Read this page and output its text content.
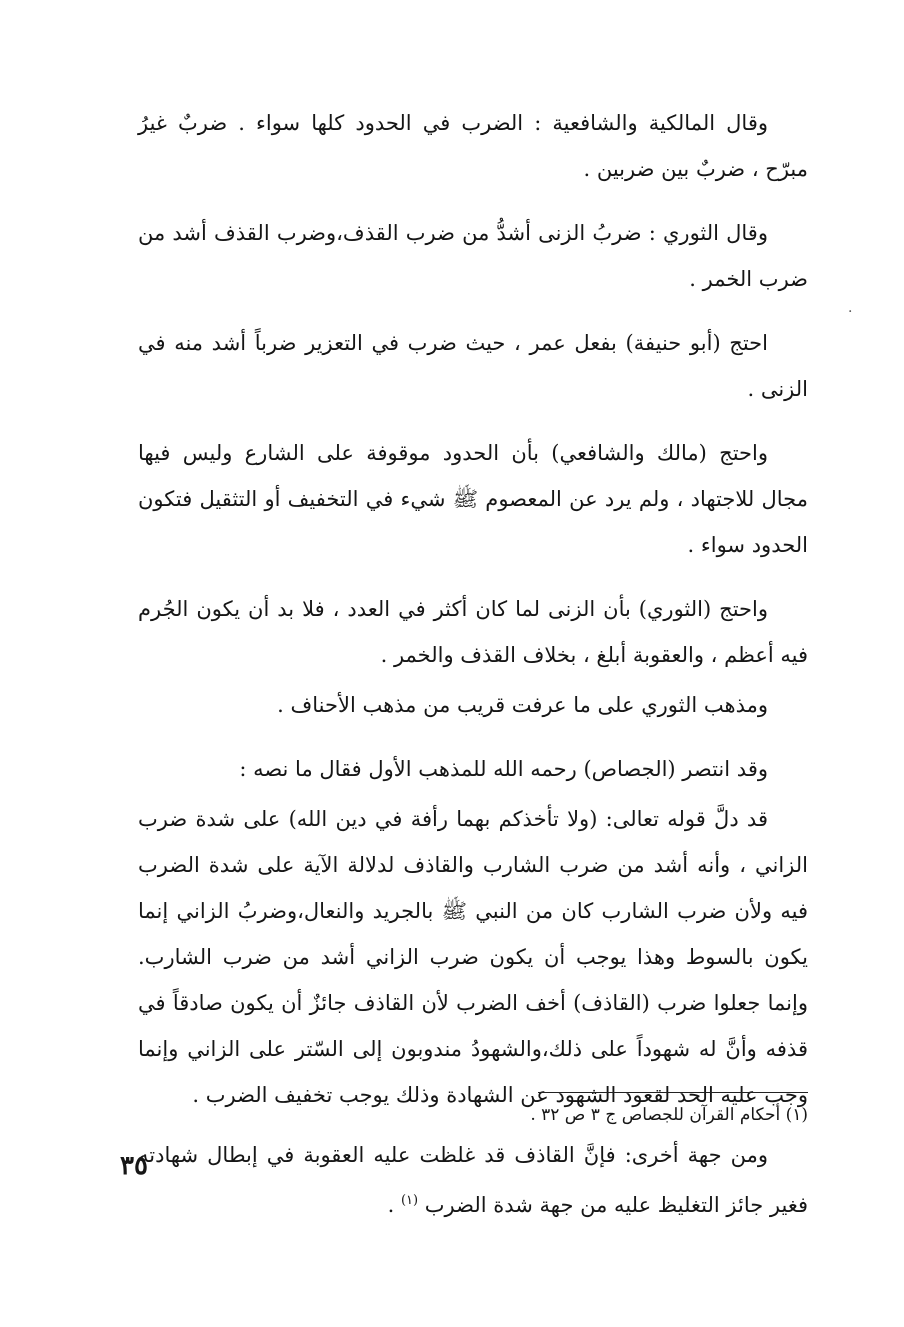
وقال المالكية والشافعية : الضرب في الحدود كلها سواء . ضربٌ غيرُ مبرّح ، ضربٌ بين ضربين .

وقال الثوري : ضربُ الزنى أشدُّ من ضرب القذف،وضرب القذف أشد من ضرب الخمر .

احتج (أبو حنيفة) بفعل عمر ، حيث ضرب في التعزير ضرباً أشد منه في الزنى .

واحتج (مالك والشافعي) بأن الحدود موقوفة على الشارع وليس فيها مجال للاجتهاد ، ولم يرد عن المعصوم ﷺ شيء في التخفيف أو التثقيل فتكون الحدود سواء .

واحتج (الثوري) بأن الزنى لما كان أكثر في العدد ، فلا بد أن يكون الجُرم فيه أعظم ، والعقوبة أبلغ ، بخلاف القذف والخمر .

ومذهب الثوري على ما عرفت قريب من مذهب الأحناف .

وقد انتصر (الجصاص) رحمه الله للمذهب الأول فقال ما نصه :

قد دلَّ قوله تعالى: (ولا تأخذكم بهما رأفة في دين الله) على شدة ضرب الزاني ، وأنه أشد من ضرب الشارب والقاذف لدلالة الآية على شدة الضرب فيه ولأن ضرب الشارب كان من النبي ﷺ بالجريد والنعال،وضربُ الزاني إنما يكون بالسوط وهذا يوجب أن يكون ضرب الزاني أشد من ضرب الشارب. وإنما جعلوا ضرب (القاذف) أخف الضرب لأن القاذف جائزٌ أن يكون صادقاً في قذفه وأنَّ له شهوداً على ذلك،والشهودُ مندوبون إلى السّتر على الزاني وإنما وجب عليه الحد لقعود الشهود عن الشهادة وذلك يوجب تخفيف الضرب .

ومن جهة أخرى: فإنَّ القاذف قد غلظت عليه العقوبة في إبطال شهادته فغير جائز التغليظ عليه من جهة شدة الضرب $^{(١)}$ .

(١) أحكام القرآن للجصاص ج ٣ ص ٣٢ .
٣٥
·
